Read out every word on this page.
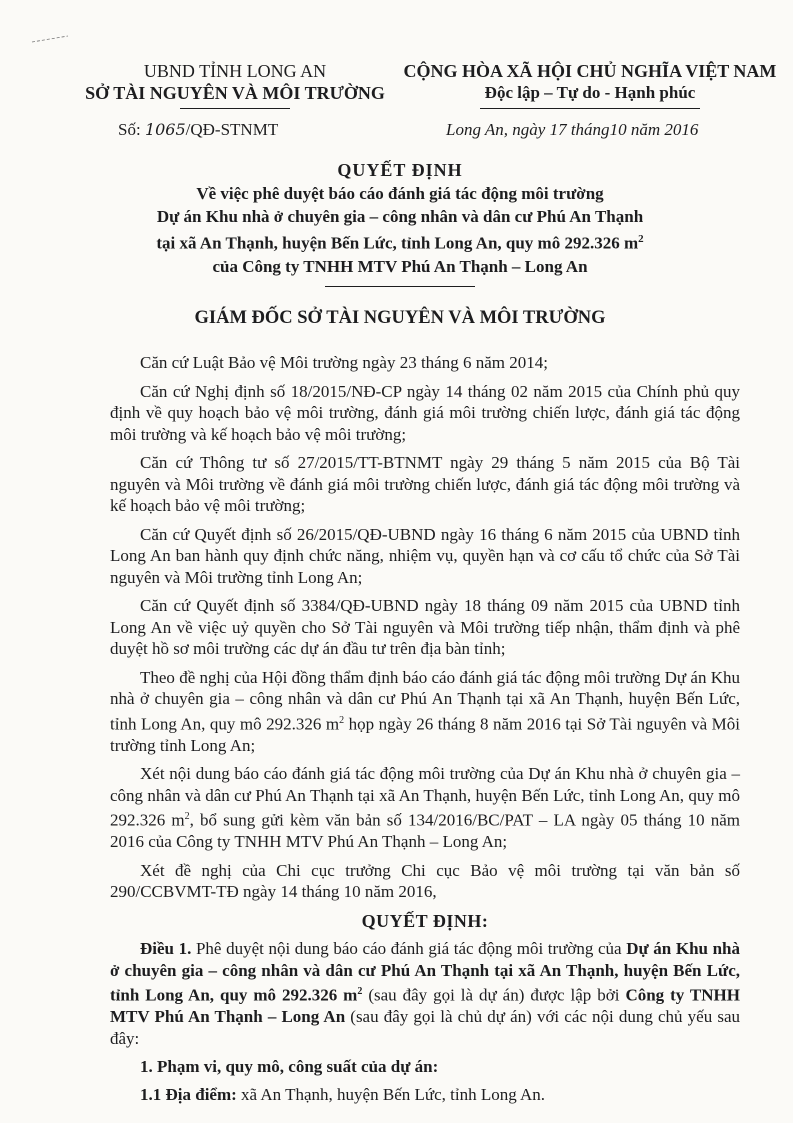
UBND TỈNH LONG AN
SỞ TÀI NGUYÊN VÀ MÔI TRƯỜNG
CỘNG HÒA XÃ HỘI CHỦ NGHĨA VIỆT NAM
Độc lập – Tự do - Hạnh phúc
Số: 1065/QĐ-STNMT	Long An, ngày 17 tháng10 năm 2016
QUYẾT ĐỊNH
Về việc phê duyệt báo cáo đánh giá tác động môi trường
Dự án Khu nhà ở chuyên gia – công nhân và dân cư Phú An Thạnh
tại xã An Thạnh, huyện Bến Lức, tỉnh Long An, quy mô 292.326 $m^2$
của Công ty TNHH MTV Phú An Thạnh – Long An
GIÁM ĐỐC SỞ TÀI NGUYÊN VÀ MÔI TRƯỜNG

Căn cứ Luật Bảo vệ Môi trường ngày 23 tháng 6 năm 2014;

Căn cứ Nghị định số 18/2015/NĐ-CP ngày 14 tháng 02 năm 2015 của Chính phủ quy định về quy hoạch bảo vệ môi trường, đánh giá môi trường chiến lược, đánh giá tác động môi trường và kế hoạch bảo vệ môi trường;

Căn cứ Thông tư số 27/2015/TT-BTNMT ngày 29 tháng 5 năm 2015 của Bộ Tài nguyên và Môi trường về đánh giá môi trường chiến lược, đánh giá tác động môi trường và kế hoạch bảo vệ môi trường;

Căn cứ Quyết định số 26/2015/QĐ-UBND ngày 16 tháng 6 năm 2015 của UBND tỉnh Long An ban hành quy định chức năng, nhiệm vụ, quyền hạn và cơ cấu tổ chức của Sở Tài nguyên và Môi trường tỉnh Long An;

Căn cứ Quyết định số 3384/QĐ-UBND ngày 18 tháng 09 năm 2015 của UBND tỉnh Long An về việc uỷ quyền cho Sở Tài nguyên và Môi trường tiếp nhận, thẩm định và phê duyệt hồ sơ môi trường các dự án đầu tư trên địa bàn tỉnh;

Theo đề nghị của Hội đồng thẩm định báo cáo đánh giá tác động môi trường Dự án Khu nhà ở chuyên gia – công nhân và dân cư Phú An Thạnh tại xã An Thạnh, huyện Bến Lức, tỉnh Long An, quy mô 292.326 $m^2$ họp ngày 26 tháng 8 năm 2016 tại Sở Tài nguyên và Môi trường tỉnh Long An;

Xét nội dung báo cáo đánh giá tác động môi trường của Dự án Khu nhà ở chuyên gia – công nhân và dân cư Phú An Thạnh tại xã An Thạnh, huyện Bến Lức, tỉnh Long An, quy mô 292.326 $m^2$, bổ sung gửi kèm văn bản số 134/2016/BC/PAT – LA ngày 05 tháng 10 năm 2016 của Công ty TNHH MTV Phú An Thạnh – Long An;

Xét đề nghị của Chi cục trưởng Chi cục Bảo vệ môi trường tại văn bản số 290/CCBVMT-TĐ ngày 14 tháng 10 năm 2016,

QUYẾT ĐỊNH:

Điều 1. Phê duyệt nội dung báo cáo đánh giá tác động môi trường của Dự án Khu nhà ở chuyên gia – công nhân và dân cư Phú An Thạnh tại xã An Thạnh, huyện Bến Lức, tỉnh Long An, quy mô 292.326 $m^2$ (sau đây gọi là dự án) được lập bởi Công ty TNHH MTV Phú An Thạnh – Long An (sau đây gọi là chủ dự án) với các nội dung chủ yếu sau đây:

1. Phạm vi, quy mô, công suất của dự án:

1.1 Địa điểm: xã An Thạnh, huyện Bến Lức, tỉnh Long An.
